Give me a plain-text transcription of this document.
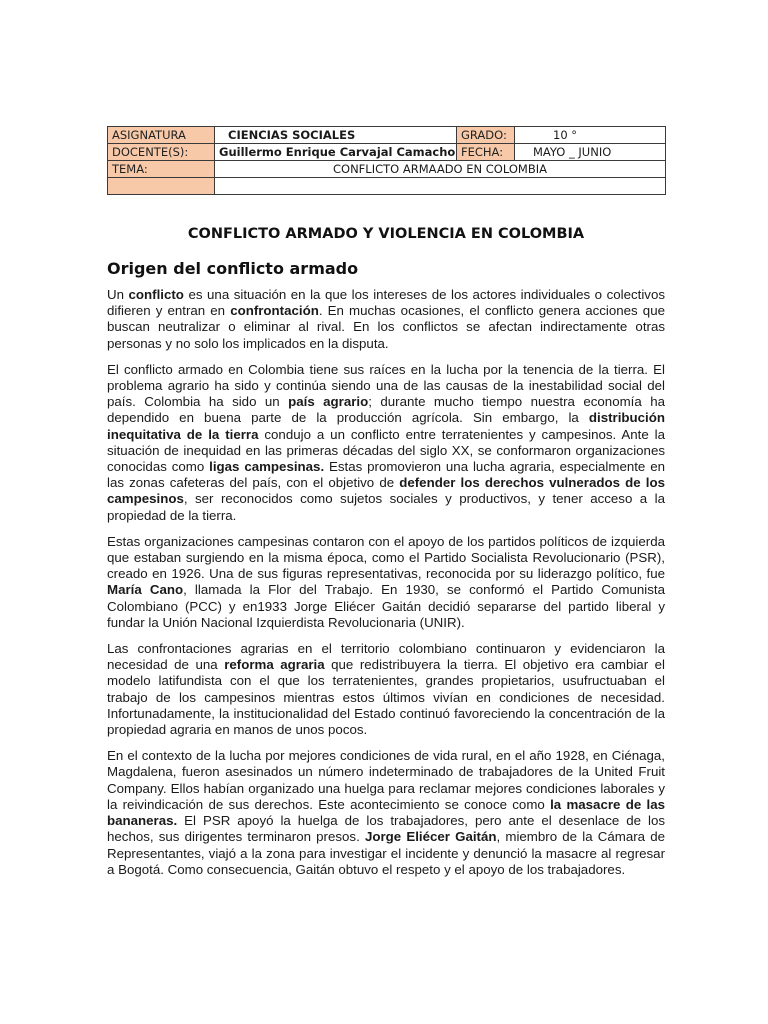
ASIGNATURA	CIENCIAS SOCIALES	GRADO:	10 °
DOCENTE(S):	Guillermo Enrique Carvajal Camacho	FECHA:	MAYO _ JUNIO
TEMA:	CONFLICTO ARMAADO EN COLOMBIA		

CONFLICTO ARMADO Y VIOLENCIA EN COLOMBIA
Origen del conflicto armado

Un conflicto es una situación en la que los intereses de los actores individuales o colectivos difieren y entran en confrontación. En muchas ocasiones, el conflicto genera acciones que buscan neutralizar o eliminar al rival. En los conflictos se afectan indirectamente otras personas y no solo los implicados en la disputa.

El conflicto armado en Colombia tiene sus raíces en la lucha por la tenencia de la tierra. El problema agrario ha sido y continúa siendo una de las causas de la inestabilidad social del país. Colombia ha sido un país agrario; durante mucho tiempo nuestra economía ha dependido en buena parte de la producción agrícola. Sin embargo, la distribución inequitativa de la tierra condujo a un conflicto entre terratenientes y campesinos. Ante la situación de inequidad en las primeras décadas del siglo XX, se conformaron organizaciones conocidas como ligas campesinas. Estas promovieron una lucha agraria, especialmente en las zonas cafeteras del país, con el objetivo de defender los derechos vulnerados de los campesinos, ser reconocidos como sujetos sociales y productivos, y tener acceso a la propiedad de la tierra.

Estas organizaciones campesinas contaron con el apoyo de los partidos políticos de izquierda que estaban surgiendo en la misma época, como el Partido Socialista Revolucionario (PSR), creado en 1926. Una de sus figuras representativas, reconocida por su liderazgo político, fue María Cano, llamada la Flor del Trabajo. En 1930, se conformó el Partido Comunista Colombiano (PCC) y en1933 Jorge Eliécer Gaitán decidió separarse del partido liberal y fundar la Unión Nacional Izquierdista Revolucionaria (UNIR).

Las confrontaciones agrarias en el territorio colombiano continuaron y evidenciaron la necesidad de una reforma agraria que redistribuyera la tierra. El objetivo era cambiar el modelo latifundista con el que los terratenientes, grandes propietarios, usufructuaban el trabajo de los campesinos mientras estos últimos vivían en condiciones de necesidad. Infortunadamente, la institucionalidad del Estado continuó favoreciendo la concentración de la propiedad agraria en manos de unos pocos.

En el contexto de la lucha por mejores condiciones de vida rural, en el año 1928, en Ciénaga, Magdalena, fueron asesinados un número indeterminado de trabajadores de la United Fruit Company. Ellos habían organizado una huelga para reclamar mejores condiciones laborales y la reivindicación de sus derechos. Este acontecimiento se conoce como la masacre de las bananeras. El PSR apoyó la huelga de los trabajadores, pero ante el desenlace de los hechos, sus dirigentes terminaron presos. Jorge Eliécer Gaitán, miembro de la Cámara de Representantes, viajó a la zona para investigar el incidente y denunció la masacre al regresar a Bogotá. Como consecuencia, Gaitán obtuvo el respeto y el apoyo de los trabajadores.
